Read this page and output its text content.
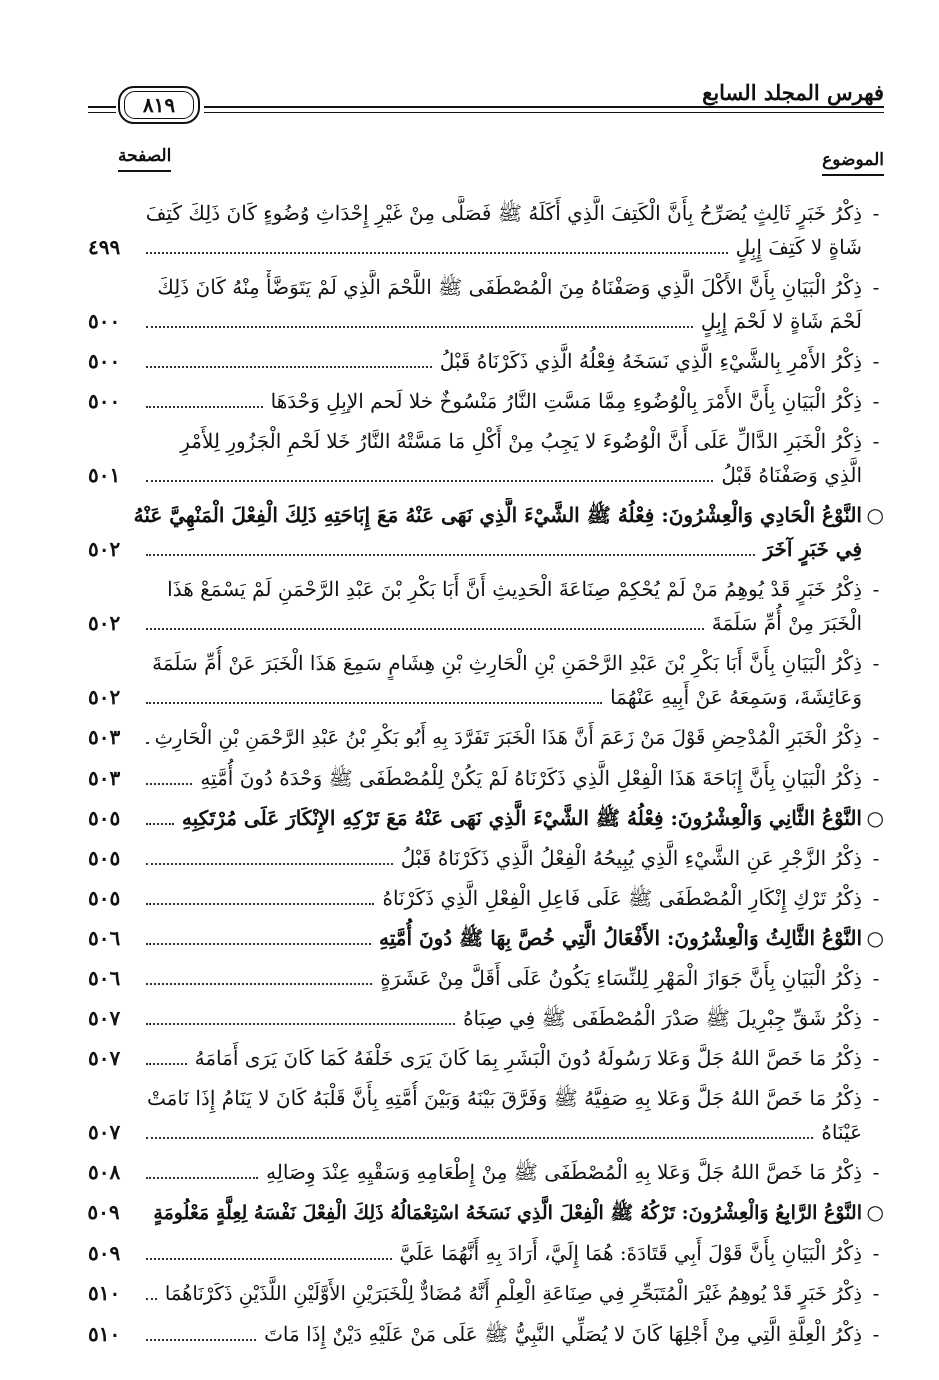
فهرس المجلد السابع
٨١٩
الموضوع
الصفحة
-
ذِكْرُ خَبَرٍ ثَالِثٍ يُصَرِّحُ بِأَنَّ الْكَتِفَ الَّذِي أَكَلَهُ ﷺ فَصَلَّى مِنْ غَيْرِ إِحْدَاثِ وُضُوءٍ كَانَ ذَلِكَ كَتِفَ
شَاةٍ لا كَتِفَ إِبِلٍ
٤٩٩
-
ذِكْرُ الْبَيَانِ بِأَنَّ الأَكْلَ الَّذِي وَصَفْنَاهُ مِنَ الْمُصْطَفَى ﷺ اللَّحْمَ الَّذِي لَمْ يَتَوَضَّأْ مِنْهُ كَانَ ذَلِكَ
لَحْمَ شَاةٍ لا لَحْمَ إِبِلٍ
٥٠٠
-
ذِكْرُ الأَمْرِ بِالشَّيْءِ الَّذِي نَسَخَهُ فِعْلُهُ الَّذِي ذَكَرْنَاهُ قَبْلُ
٥٠٠
-
ذِكْرُ الْبَيَانِ بِأَنَّ الأَمْرَ بِالْوُضُوءِ مِمَّا مَسَّتِ النَّارُ مَنْسُوخٌ خلا لَحم الإبِلِ وَحْدَهَا
٥٠٠
-
ذِكْرُ الْخَبَرِ الدَّالِّ عَلَى أَنَّ الْوُضُوءَ لا يَجِبُ مِنْ أَكْلِ مَا مَسَّتْهُ النَّارُ خَلا لَحْمِ الْجَزُورِ لِلأَمْرِ
الَّذِي وَصَفْنَاهُ قَبْلُ
٥٠١
○
النَّوْعُ الْحَادِي وَالْعِشْرُونَ: فِعْلُهُ ﷺ الشَّيْءَ الَّذِي نَهَى عَنْهُ مَعَ إِبَاحَتِهِ ذَلِكَ الْفِعْلَ الْمَنْهِيَّ عَنْهُ
فِي خَبَرٍ آخَرَ
٥٠٢
-
ذِكْرُ خَبَرٍ قَدْ يُوهِمُ مَنْ لَمْ يُحْكِمْ صِنَاعَةَ الْحَدِيثِ أَنَّ أَبَا بَكْرِ بْنَ عَبْدِ الرَّحْمَنِ لَمْ يَسْمَعْ هَذَا
الْخَبَرَ مِنْ أُمِّ سَلَمَةَ
٥٠٢
-
ذِكْرُ الْبَيَانِ بِأَنَّ أَبَا بَكْرِ بْنَ عَبْدِ الرَّحْمَنِ بْنِ الْحَارِثِ بْنِ هِشَامٍ سَمِعَ هَذَا الْخَبَرَ عَنْ أُمِّ سَلَمَةَ
وَعَائِشَةَ، وَسَمِعَهُ عَنْ أَبِيهِ عَنْهُمَا
٥٠٢
-
ذِكْرُ الْخَبَرِ الْمُدْحِضِ قَوْلَ مَنْ زَعَمَ أَنَّ هَذَا الْخَبَرَ تَفَرَّدَ بِهِ أَبُو بَكْرِ بْنُ عَبْدِ الرَّحْمَنِ بْنِ الْحَارِثِ
٥٠٣
-
ذِكْرُ الْبَيَانِ بِأَنَّ إِبَاحَةَ هَذَا الْفِعْلِ الَّذِي ذَكَرْنَاهُ لَمْ يَكُنْ لِلْمُصْطَفَى ﷺ وَحْدَهُ دُونَ أُمَّتِهِ
٥٠٣
○
النَّوْعُ الثَّانِي وَالْعِشْرُونَ: فِعْلُهُ ﷺ الشَّيْءَ الَّذِي نَهَى عَنْهُ مَعَ تَرْكِهِ الإِنْكَارَ عَلَى مُرْتَكِبِهِ
٥٠٥
-
ذِكْرُ الزَّجْرِ عَنِ الشَّيْءِ الَّذِي يُبِيحُهُ الْفِعْلُ الَّذِي ذَكَرْنَاهُ قَبْلُ
٥٠٥
-
ذِكْرُ تَرْكِ إِنْكَارِ الْمُصْطَفَى ﷺ عَلَى فَاعِلِ الْفِعْلِ الَّذِي ذَكَرْنَاهُ
٥٠٥
○
النَّوْعُ الثَّالِثُ وَالْعِشْرُونَ: الأَفْعَالُ الَّتِي خُصَّ بِهَا ﷺ دُونَ أُمَّتِهِ
٥٠٦
-
ذِكْرُ الْبَيَانِ بِأَنَّ جَوَازَ الْمَهْرِ لِلنِّسَاءِ يَكُونُ عَلَى أَقَلَّ مِنْ عَشَرَةٍ
٥٠٦
-
ذِكْرُ شَقِّ جِبْرِيلَ ﷺ صَدْرَ الْمُصْطَفَى ﷺ فِي صِبَاهُ
٥٠٧
-
ذِكْرُ مَا خَصَّ اللهُ جَلَّ وَعَلا رَسُولَهُ دُونَ الْبَشَرِ بِمَا كَانَ يَرَى خَلْفَهُ كَمَا كَانَ يَرَى أَمَامَهُ
٥٠٧
-
ذِكْرُ مَا خَصَّ اللهُ جَلَّ وَعَلا بِهِ صَفِيَّهُ ﷺ وَفَرَّقَ بَيْنَهُ وَبَيْنَ أُمَّتِهِ بِأَنَّ قَلْبَهُ كَانَ لا يَنَامُ إِذَا نَامَتْ
عَيْنَاهُ
٥٠٧
-
ذِكْرُ مَا خَصَّ اللهُ جَلَّ وَعَلا بِهِ الْمُصْطَفَى ﷺ مِنْ إِطْعَامِهِ وَسَقْيِهِ عِنْدَ وِصَالِهِ
٥٠٨
○
النَّوْعُ الرَّابِعُ وَالْعِشْرُونَ: تَرْكُهُ ﷺ الْفِعْلَ الَّذِي نَسَخَهُ اسْتِعْمَالُهُ ذَلِكَ الْفِعْلَ نَفْسَهُ لِعِلَّةٍ مَعْلُومَةٍ
٥٠٩
-
ذِكْرُ الْبَيَانِ بِأَنَّ قَوْلَ أَبِي قَتَادَةَ: هُمَا إِلَيَّ، أَرَادَ بِهِ أَنَّهُمَا عَلَيَّ
٥٠٩
-
ذِكْرُ خَبَرٍ قَدْ يُوهِمُ غَيْرَ الْمُتَبَحِّرِ فِي صِنَاعَةِ الْعِلْمِ أَنَّهُ مُضَادٌّ لِلْخَبَرَيْنِ الأَوَّلَيْنِ اللَّذَيْنِ ذَكَرْنَاهُمَا
٥١٠
-
ذِكْرُ الْعِلَّةِ الَّتِي مِنْ أَجْلِهَا كَانَ لا يُصَلِّي النَّبِيُّ ﷺ عَلَى مَنْ عَلَيْهِ دَيْنٌ إِذَا مَاتَ
٥١٠
